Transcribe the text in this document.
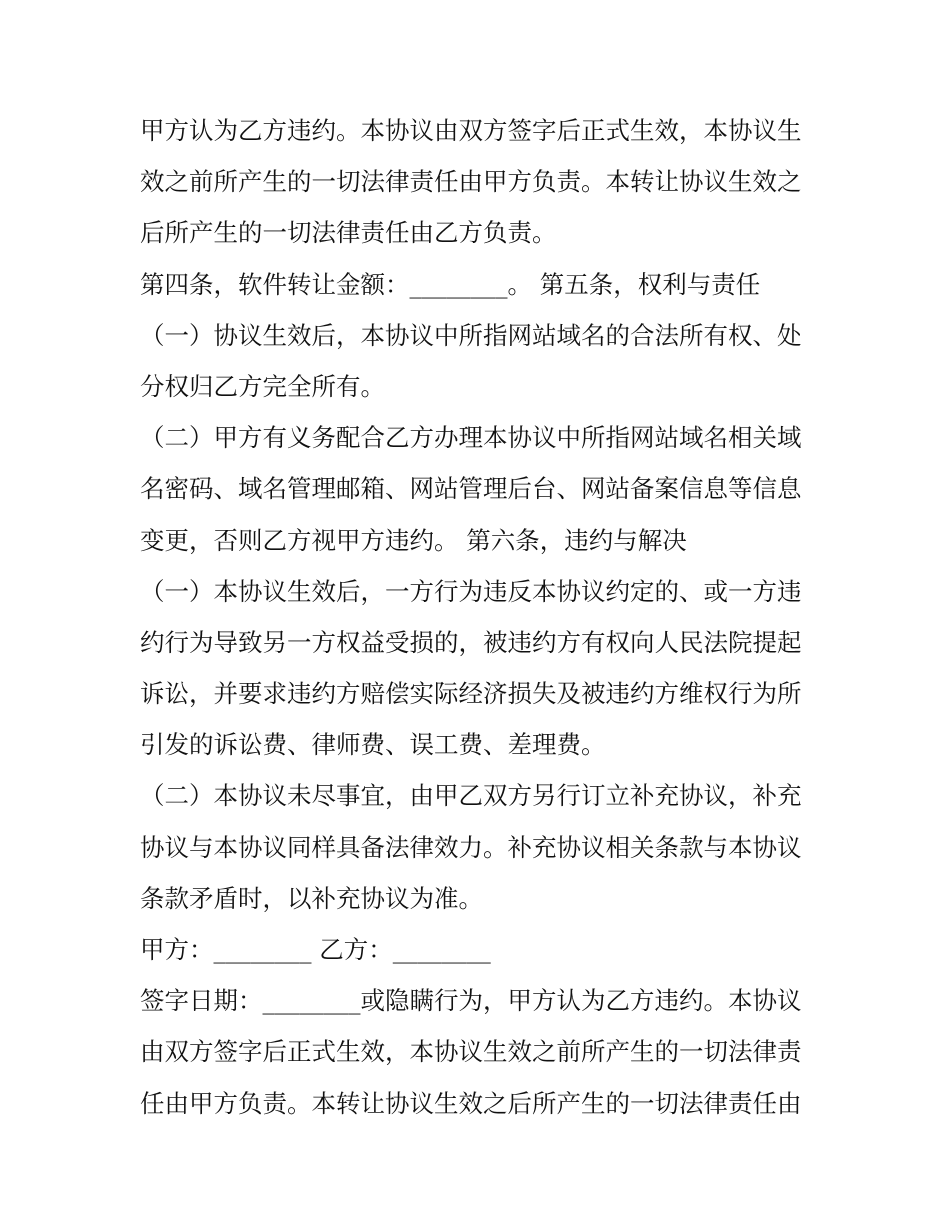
甲方认为乙方违约。本协议由双方签字后正式生效，本协议生
效之前所产生的一切法律责任由甲方负责。本转让协议生效之
后所产生的一切法律责任由乙方负责。
第四条，软件转让金额：________。 第五条，权利与责任
（一）协议生效后，本协议中所指网站域名的合法所有权、处
分权归乙方完全所有。
（二）甲方有义务配合乙方办理本协议中所指网站域名相关域
名密码、域名管理邮箱、网站管理后台、网站备案信息等信息
变更，否则乙方视甲方违约。 第六条，违约与解决
（一）本协议生效后，一方行为违反本协议约定的、或一方违
约行为导致另一方权益受损的，被违约方有权向人民法院提起
诉讼，并要求违约方赔偿实际经济损失及被违约方维权行为所
引发的诉讼费、律师费、误工费、差理费。
（二）本协议未尽事宜，由甲乙双方另行订立补充协议，补充
协议与本协议同样具备法律效力。补充协议相关条款与本协议
条款矛盾时，以补充协议为准。
甲方：________ 乙方：________
签字日期：________或隐瞒行为，甲方认为乙方违约。本协议
由双方签字后正式生效，本协议生效之前所产生的一切法律责
任由甲方负责。本转让协议生效之后所产生的一切法律责任由
